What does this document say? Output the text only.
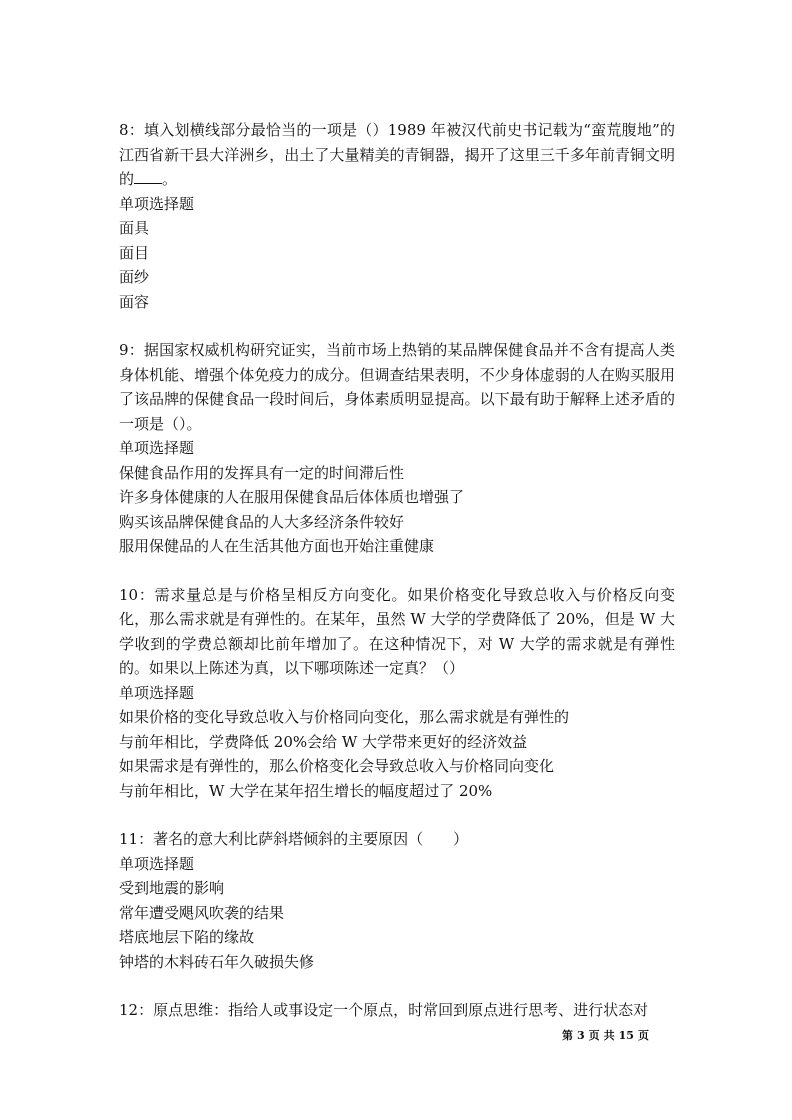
8：填入划横线部分最恰当的一项是（）1989 年被汉代前史书记载为“蛮荒腹地”的江西省新干县大洋洲乡，出土了大量精美的青铜器，揭开了这里三千多年前青铜文明的 。

单项选择题
面具
面目
面纱
面容

9：据国家权威机构研究证实，当前市场上热销的某品牌保健食品并不含有提高人类身体机能、增强个体免疫力的成分。但调查结果表明，不少身体虚弱的人在购买服用了该品牌的保健食品一段时间后，身体素质明显提高。以下最有助于解释上述矛盾的一项是（）。

单项选择题
保健食品作用的发挥具有一定的时间滞后性
许多身体健康的人在服用保健食品后体体质也增强了
购买该品牌保健食品的人大多经济条件较好
服用保健品的人在生活其他方面也开始注重健康

10：需求量总是与价格呈相反方向变化。如果价格变化导致总收入与价格反向变化，那么需求就是有弹性的。在某年，虽然 W 大学的学费降低了 20%，但是 W 大学收到的学费总额却比前年增加了。在这种情况下，对 W 大学的需求就是有弹性的。如果以上陈述为真，以下哪项陈述一定真？（）

单项选择题
如果价格的变化导致总收入与价格同向变化，那么需求就是有弹性的
与前年相比，学费降低 20%会给 W 大学带来更好的经济效益
如果需求是有弹性的，那么价格变化会导致总收入与价格同向变化
与前年相比，W 大学在某年招生增长的幅度超过了 20%

11：著名的意大利比萨斜塔倾斜的主要原因（　　）

单项选择题
受到地震的影响
常年遭受飓风吹袭的结果
塔底地层下陷的缘故
钟塔的木料砖石年久破损失修

12：原点思维：指给人或事设定一个原点，时常回到原点进行思考、进行状态对

第 3 页 共 15 页
